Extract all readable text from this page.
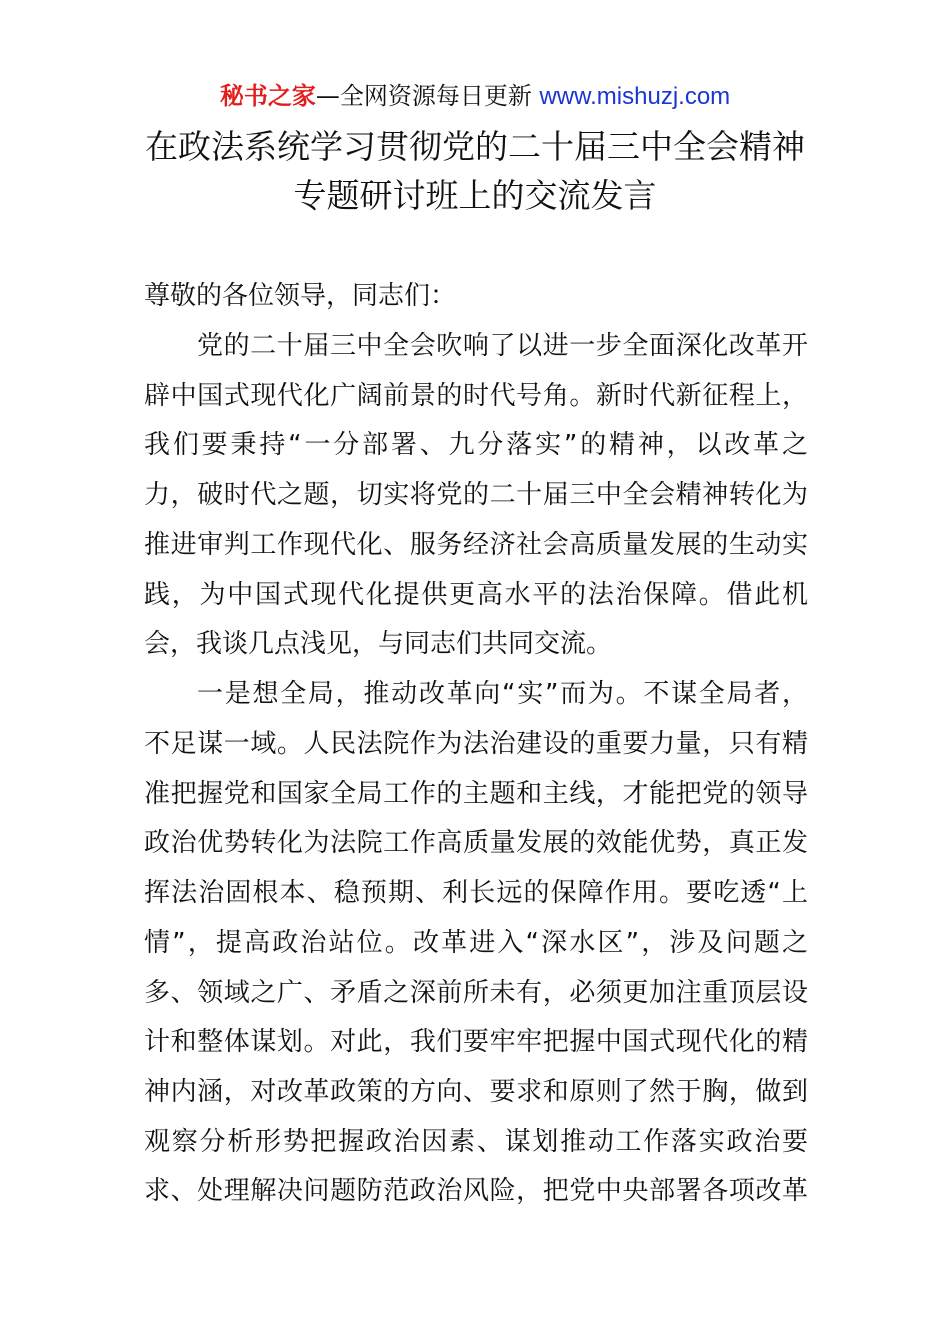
秘书之家—全网资源每日更新 www.mishuzj.com
在政法系统学习贯彻党的二十届三中全会精神
专题研讨班上的交流发言
尊敬的各位领导，同志们：
党的二十届三中全会吹响了以进一步全面深化改革开
辟中国式现代化广阔前景的时代号角。新时代新征程上，
我们要秉持“一分部署、九分落实”的精神，以改革之
力，破时代之题，切实将党的二十届三中全会精神转化为
推进审判工作现代化、服务经济社会高质量发展的生动实
践，为中国式现代化提供更高水平的法治保障。借此机
会，我谈几点浅见，与同志们共同交流。
一是想全局，推动改革向“实”而为。不谋全局者，
不足谋一域。人民法院作为法治建设的重要力量，只有精
准把握党和国家全局工作的主题和主线，才能把党的领导
政治优势转化为法院工作高质量发展的效能优势，真正发
挥法治固根本、稳预期、利长远的保障作用。要吃透“上
情”，提高政治站位。改革进入“深水区”，涉及问题之
多、领域之广、矛盾之深前所未有，必须更加注重顶层设
计和整体谋划。对此，我们要牢牢把握中国式现代化的精
神内涵，对改革政策的方向、要求和原则了然于胸，做到
观察分析形势把握政治因素、谋划推动工作落实政治要
求、处理解决问题防范政治风险，把党中央部署各项改革
